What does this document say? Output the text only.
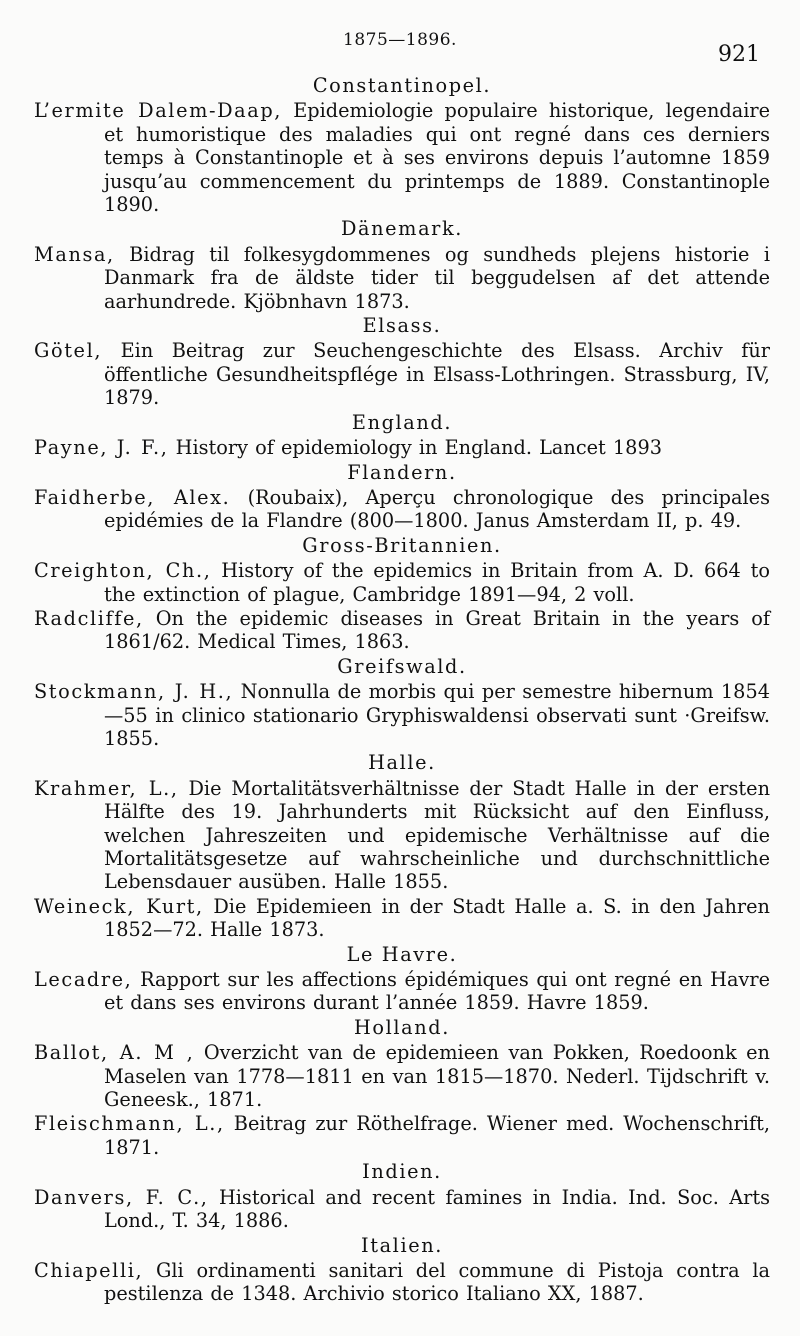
1875—1896.
921
Constantinopel.

L’ermite Dalem-Daap, Epidemiologie populaire historique, legendaire et humoristique des maladies qui ont regné dans ces derniers temps à Constantinople et à ses environs depuis l’automne 1859 jusqu’au commencement du printemps de 1889. Constantinople 1890.

Dänemark.

Mansa, Bidrag til folkesygdommenes og sundheds plejens historie i Danmark fra de äldste tider til beggudelsen af det attende aarhundrede. Kjöbnhavn 1873.

Elsass.

Götel, Ein Beitrag zur Seuchengeschichte des Elsass. Archiv für öffentliche Gesundheitspflége in Elsass-Lothringen. Strassburg, IV, 1879.

England.

Payne, J. F., History of epidemiology in England. Lancet 1893

Flandern.

Faidherbe, Alex. (Roubaix), Aperçu chronologique des principales epidémies de la Flandre (800—1800. Janus Amsterdam II, p. 49.

Gross-Britannien.

Creighton, Ch., History of the epidemics in Britain from A. D. 664 to the extinction of plague, Cambridge 1891—94, 2 voll.

Radcliffe, On the epidemic diseases in Great Britain in the years of 1861/62. Medical Times, 1863.

Greifswald.

Stockmann, J. H., Nonnulla de morbis qui per semestre hibernum 1854—55 in clinico stationario Gryphiswaldensi observati sunt ·Greifsw. 1855.

Halle.

Krahmer, L., Die Mortalitätsverhältnisse der Stadt Halle in der ersten Hälfte des 19. Jahrhunderts mit Rücksicht auf den Einfluss, welchen Jahreszeiten und epidemische Verhältnisse auf die Mortalitätsgesetze auf wahrscheinliche und durchschnittliche Lebensdauer ausüben. Halle 1855.

Weineck, Kurt, Die Epidemieen in der Stadt Halle a. S. in den Jahren 1852—72. Halle 1873.

Le Havre.

Lecadre, Rapport sur les affections épidémiques qui ont regné en Havre et dans ses environs durant l’année 1859. Havre 1859.

Holland.

Ballot, A. M , Overzicht van de epidemieen van Pokken, Roedoonk en Maselen van 1778—1811 en van 1815—1870. Nederl. Tijdschrift v. Geneesk., 1871.

Fleischmann, L., Beitrag zur Röthelfrage. Wiener med. Wochenschrift, 1871.

Indien.

Danvers, F. C., Historical and recent famines in India. Ind. Soc. Arts Lond., T. 34, 1886.

Italien.

Chiapelli, Gli ordinamenti sanitari del commune di Pistoja contra la pestilenza de 1348. Archivio storico Italiano XX, 1887.
